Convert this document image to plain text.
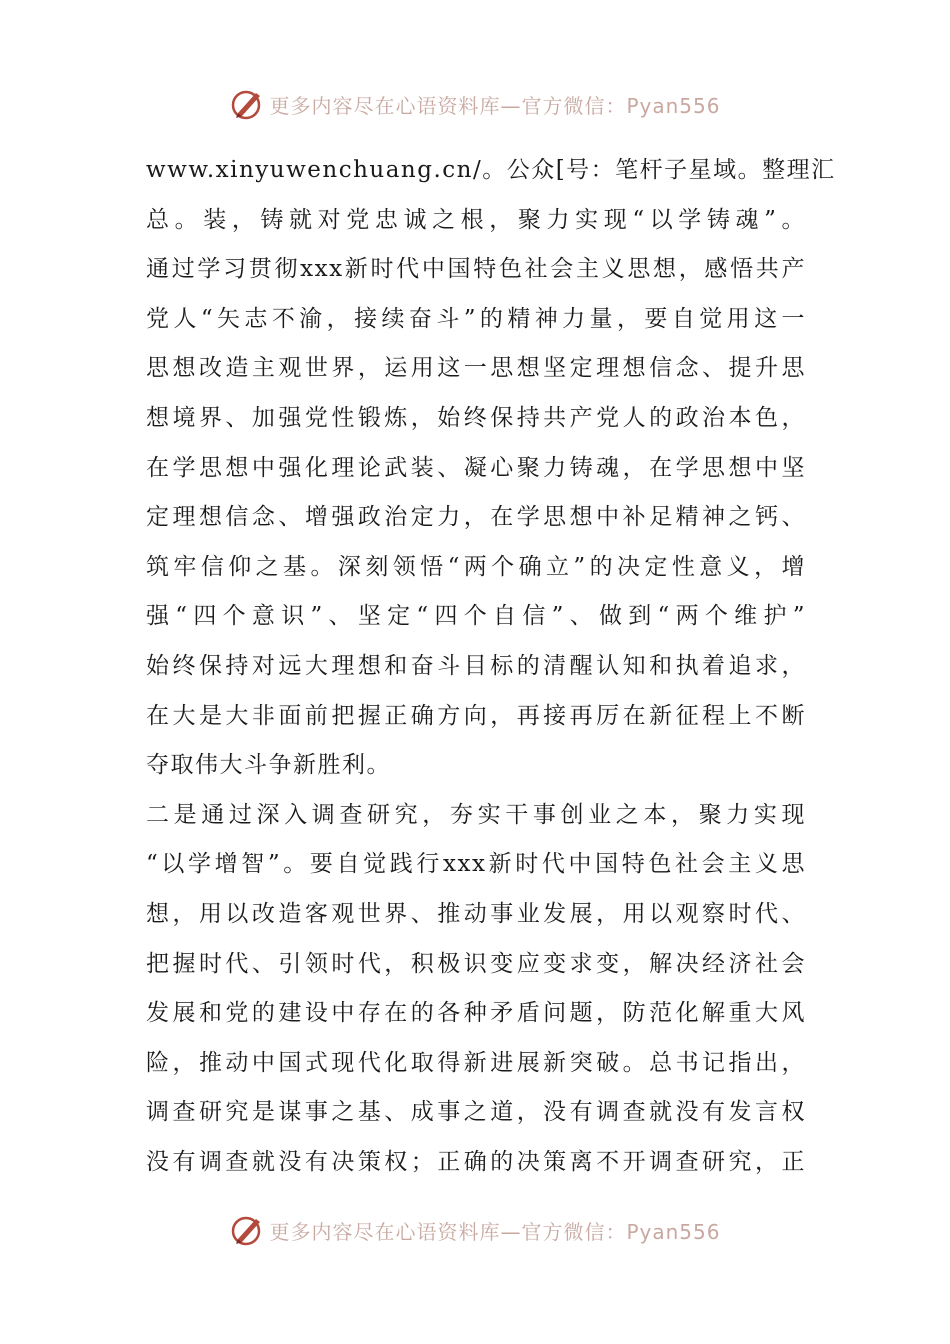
更多内容尽在心语资料库—官方微信：Pyan556
www.xinyuwenchuang.cn/。公众[号：笔杆子星域。整理汇
总。装，铸就对党忠诚之根，聚力实现“以学铸魂”。
通过学习贯彻xxx新时代中国特色社会主义思想，感悟共产
党人“矢志不渝，接续奋斗”的精神力量，要自觉用这一
思想改造主观世界，运用这一思想坚定理想信念、提升思
想境界、加强党性锻炼，始终保持共产党人的政治本色，
在学思想中强化理论武装、凝心聚力铸魂，在学思想中坚
定理想信念、增强政治定力，在学思想中补足精神之钙、
筑牢信仰之基。深刻领悟“两个确立”的决定性意义，增
强“四个意识”、坚定“四个自信”、做到“两个维护”
始终保持对远大理想和奋斗目标的清醒认知和执着追求，
在大是大非面前把握正确方向，再接再厉在新征程上不断
夺取伟大斗争新胜利。
二是通过深入调查研究，夯实干事创业之本，聚力实现
“以学增智”。要自觉践行xxx新时代中国特色社会主义思
想，用以改造客观世界、推动事业发展，用以观察时代、
把握时代、引领时代，积极识变应变求变，解决经济社会
发展和党的建设中存在的各种矛盾问题，防范化解重大风
险，推动中国式现代化取得新进展新突破。总书记指出，
调查研究是谋事之基、成事之道，没有调查就没有发言权
没有调查就没有决策权；正确的决策离不开调查研究，正
更多内容尽在心语资料库—官方微信：Pyan556
